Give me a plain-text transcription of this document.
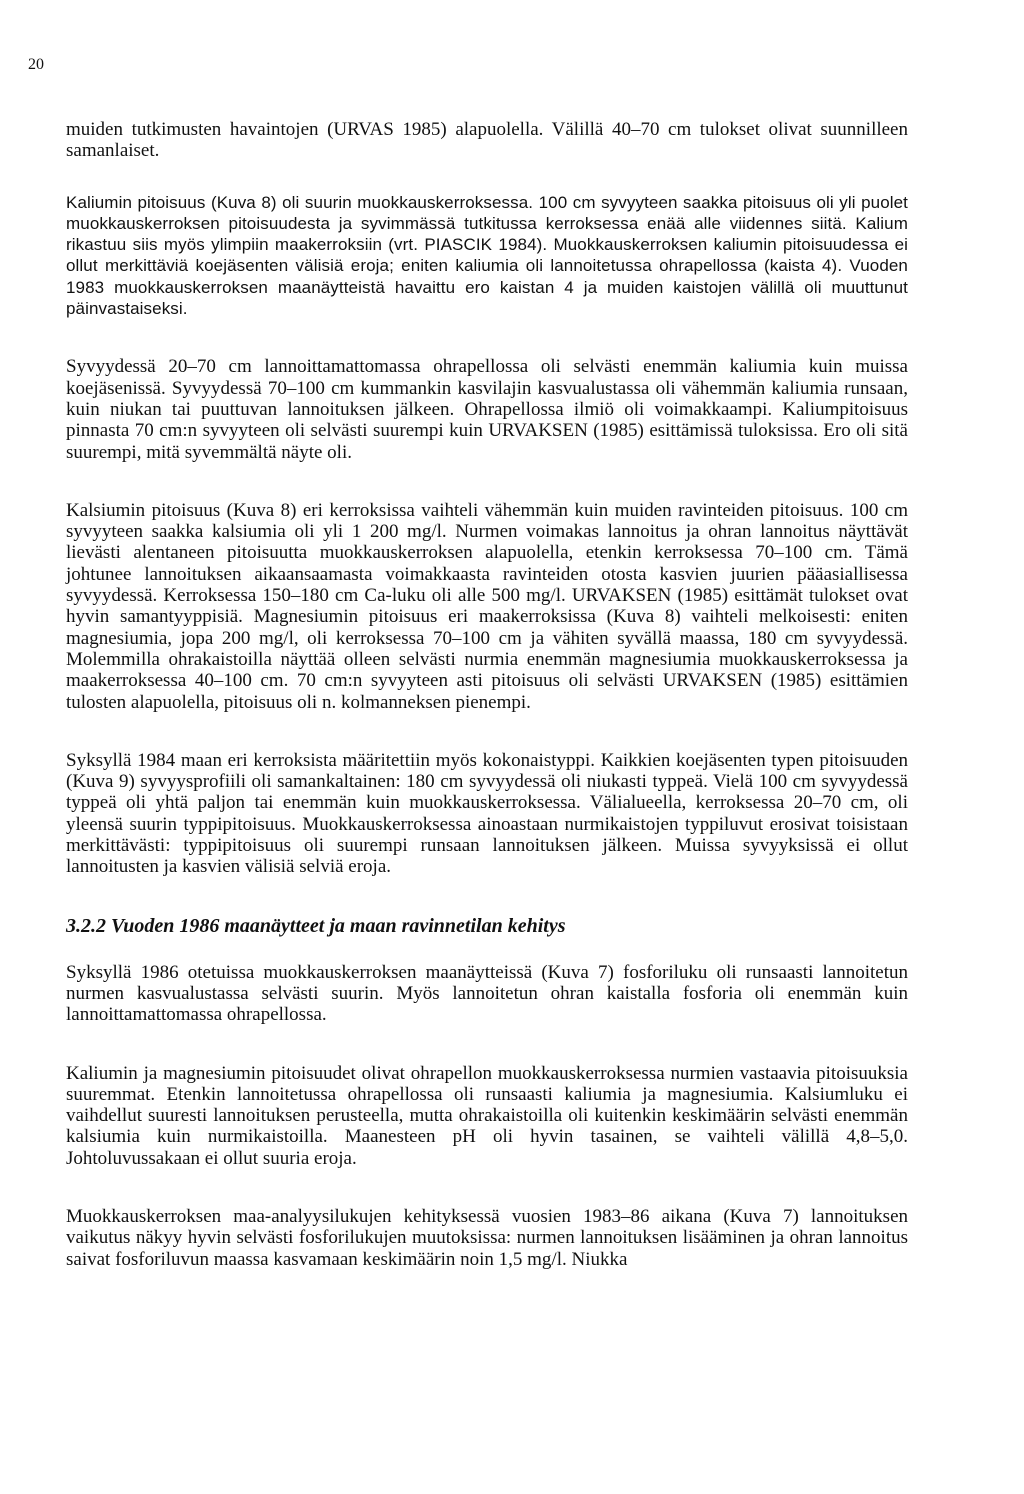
20

muiden tutkimusten havaintojen (URVAS 1985) alapuolella. Välillä 40–70 cm tulokset olivat suunnilleen samanlaiset.

Kaliumin pitoisuus (Kuva 8) oli suurin muokkauskerroksessa. 100 cm syvyyteen saakka pitoisuus oli yli puolet muokkauskerroksen pitoisuudesta ja syvimmässä tutkitussa kerroksessa enää alle viidennes siitä. Kalium rikastuu siis myös ylimpiin maakerroksiin (vrt. PIASCIK 1984). Muokkauskerroksen kaliumin pitoisuudessa ei ollut merkittäviä koejäsenten välisiä eroja; eniten kaliumia oli lannoitetussa ohrapellossa (kaista 4). Vuoden 1983 muokkauskerroksen maanäytteistä havaittu ero kaistan 4 ja muiden kaistojen välillä oli muuttunut päinvastaiseksi.

Syvyydessä 20–70 cm lannoittamattomassa ohrapellossa oli selvästi enemmän kaliumia kuin muissa koejäsenissä. Syvyydessä 70–100 cm kummankin kasvilajin kasvualustassa oli vähemmän kaliumia runsaan, kuin niukan tai puuttuvan lannoituksen jälkeen. Ohrapellossa ilmiö oli voimakkaampi. Kaliumpitoisuus pinnasta 70 cm:n syvyyteen oli selvästi suurempi kuin URVAKSEN (1985) esittämissä tuloksissa. Ero oli sitä suurempi, mitä syvemmältä näyte oli.

Kalsiumin pitoisuus (Kuva 8) eri kerroksissa vaihteli vähemmän kuin muiden ravinteiden pitoisuus. 100 cm syvyyteen saakka kalsiumia oli yli 1 200 mg/l. Nurmen voimakas lannoitus ja ohran lannoitus näyttävät lievästi alentaneen pitoisuutta muokkauskerroksen alapuolella, etenkin kerroksessa 70–100 cm. Tämä johtunee lannoituksen aikaansaamasta voimakkaasta ravinteiden otosta kasvien juurien pääasiallisessa syvyydessä. Kerroksessa 150–180 cm Ca-luku oli alle 500 mg/l. URVAKSEN (1985) esittämät tulokset ovat hyvin samantyyppisiä. Magnesiumin pitoisuus eri maakerroksissa (Kuva 8) vaihteli melkoisesti: eniten magnesiumia, jopa 200 mg/l, oli kerroksessa 70–100 cm ja vähiten syvällä maassa, 180 cm syvyydessä. Molemmilla ohrakaistoilla näyttää olleen selvästi nurmia enemmän magnesiumia muokkauskerroksessa ja maakerroksessa 40–100 cm. 70 cm:n syvyyteen asti pitoisuus oli selvästi URVAKSEN (1985) esittämien tulosten alapuolella, pitoisuus oli n. kolmanneksen pienempi.

Syksyllä 1984 maan eri kerroksista määritettiin myös kokonaistyppi. Kaikkien koejäsenten typen pitoisuuden (Kuva 9) syvyysprofiili oli samankaltainen: 180 cm syvyydessä oli niukasti typpeä. Vielä 100 cm syvyydessä typpeä oli yhtä paljon tai enemmän kuin muokkauskerroksessa. Välialueella, kerroksessa 20–70 cm, oli yleensä suurin typpipitoisuus. Muokkauskerroksessa ainoastaan nurmikaistojen typpiluvut erosivat toisistaan merkittävästi: typpipitoisuus oli suurempi runsaan lannoituksen jälkeen. Muissa syvyyksissä ei ollut lannoitusten ja kasvien välisiä selviä eroja.

3.2.2 Vuoden 1986 maanäytteet ja maan ravinnetilan kehitys

Syksyllä 1986 otetuissa muokkauskerroksen maanäytteissä (Kuva 7) fosforiluku oli runsaasti lannoitetun nurmen kasvualustassa selvästi suurin. Myös lannoitetun ohran kaistalla fosforia oli enemmän kuin lannoittamattomassa ohrapellossa.

Kaliumin ja magnesiumin pitoisuudet olivat ohrapellon muokkauskerroksessa nurmien vastaavia pitoisuuksia suuremmat. Etenkin lannoitetussa ohrapellossa oli runsaasti kaliumia ja magnesiumia. Kalsiumluku ei vaihdellut suuresti lannoituksen perusteella, mutta ohrakaistoilla oli kuitenkin keskimäärin selvästi enemmän kalsiumia kuin nurmikaistoilla. Maanesteen pH oli hyvin tasainen, se vaihteli välillä 4,8–5,0. Johtoluvussakaan ei ollut suuria eroja.

Muokkauskerroksen maa-analyysilukujen kehityksessä vuosien 1983–86 aikana (Kuva 7) lannoituksen vaikutus näkyy hyvin selvästi fosforilukujen muutoksissa: nurmen lannoituksen lisääminen ja ohran lannoitus saivat fosforiluvun maassa kasvamaan keskimäärin noin 1,5 mg/l. Niukka
